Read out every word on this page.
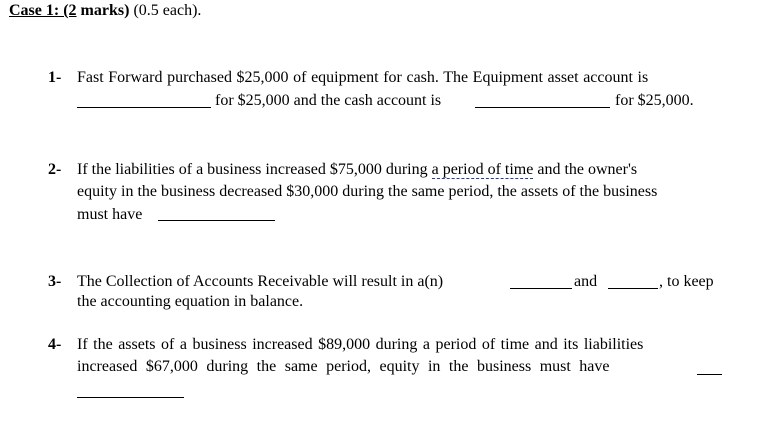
Case 1: (2 marks) (0.5 each).
1- Fast Forward purchased $25,000 of equipment for cash. The Equipment asset account is
for $25,000 and the cash account is	for $25,000.
2- If the liabilities of a business increased $75,000 during a period of time and the owner's
equity in the business decreased $30,000 during the same period, the assets of the business
must have
3- The Collection of Accounts Receivable will result in a(n)	and	, to keep
the accounting equation in balance.
4- If the assets of a business increased $89,000 during a period of time and its liabilities
increased $67,000 during the same period, equity in the business must have
